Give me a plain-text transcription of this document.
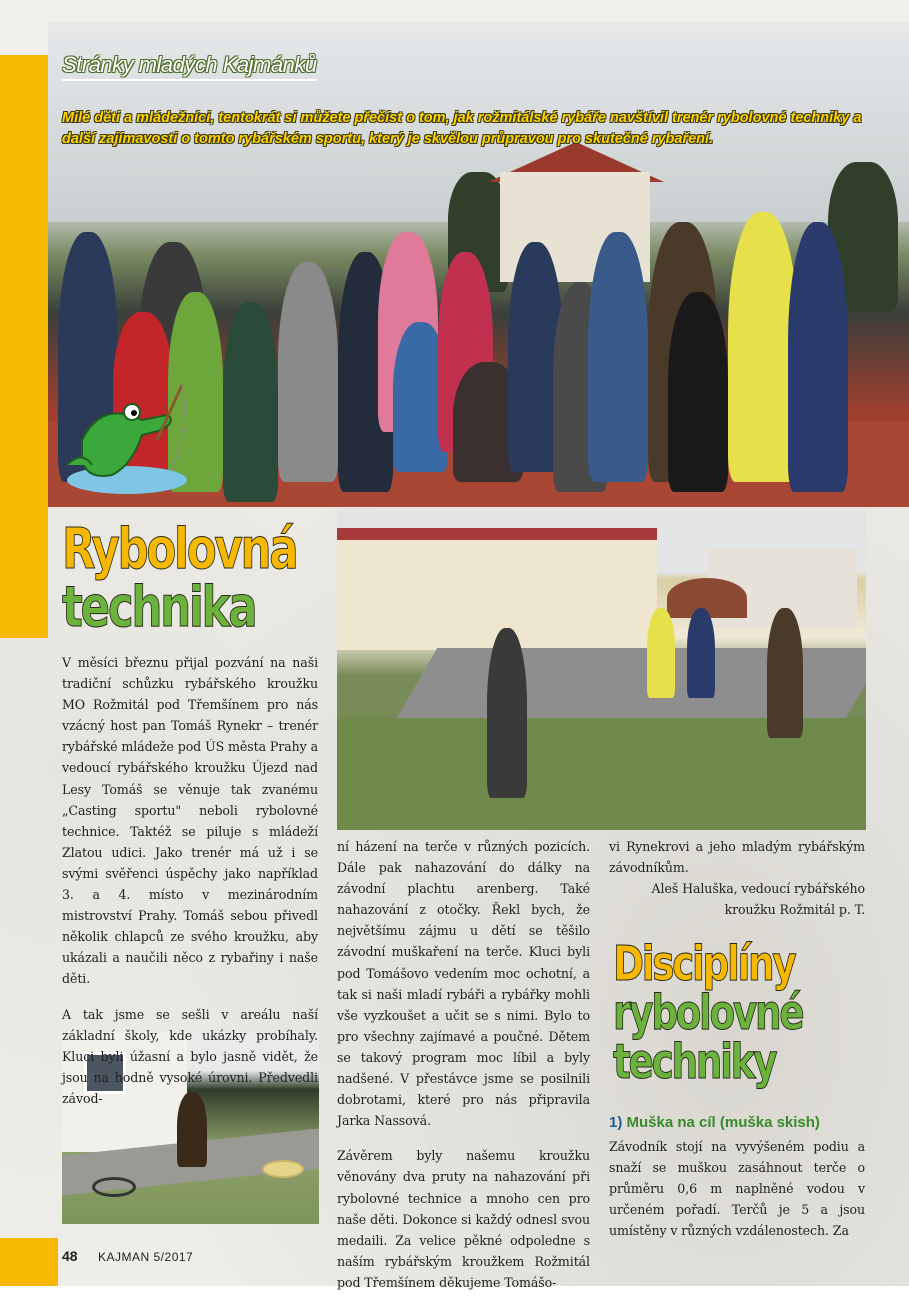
Stránky mladých Kajmánků
Milé děti a mládežníci, tentokrát si můžete přečíst o tom, jak rožmitálské rybáře navštívil trenér rybolovné techniky a další zajímavosti o tomto rybářském sportu, který je skvělou průpravou pro skutečné rybaření.
Rybolovná
technika

V měsíci březnu přijal pozvání na naši tradiční schůzku rybářského kroužku MO Rožmitál pod Třemšínem pro nás vzácný host pan Tomáš Rynekr – trenér rybářské mládeže pod ÚS města Prahy a vedoucí rybářského kroužku Újezd nad Lesy Tomáš se věnuje tak zvanému „Casting sportu" neboli rybolovné technice. Taktéž se piluje s mládeží Zlatou udici. Jako trenér má už i se svými svěřenci úspěchy jako například 3. a 4. místo v mezinárodním mistrovství Prahy. Tomáš sebou přivedl několik chlapců ze svého kroužku, aby ukázali a naučili něco z rybařiny i naše děti.

A tak jsme se sešli v areálu naší základní školy, kde ukázky probíhaly. Kluci byli úžasní a bylo jasně vidět, že jsou na hodně vysoké úrovni. Předvedli závod-

ní házení na terče v různých pozicích. Dále pak nahazování do dálky na závodní plachtu arenberg. Také nahazování z otočky. Řekl bych, že největšímu zájmu u dětí se těšilo závodní muškaření na terče. Kluci byli pod Tomášovo vedením moc ochotní, a tak si naši mladí rybáři a rybářky mohli vše vyzkoušet a učit se s nimi. Bylo to pro všechny zajímavé a poučné. Dětem se takový program moc líbil a byly nadšené. V přestávce jsme se posilnili dobrotami, které pro nás připravila Jarka Nassová.

Závěrem byly našemu kroužku věnovány dva pruty na nahazování při rybolovné technice a mnoho cen pro naše děti. Dokonce si každý odnesl svou medaili. Za velice pěkné odpoledne s naším rybářským kroužkem Rožmitál pod Třemšínem děkujeme Tomášo-

vi Rynekrovi a jeho mladým rybářským závodníkům.

Aleš Haluška, vedoucí rybářského
kroužku Rožmitál p. T.
Disciplíny
rybolovné
techniky
1) Muška na cíl (muška skish)

Závodník stojí na vyvýšeném podiu a snaží se muškou zasáhnout terče o průměru 0,6 m naplněné vodou v určeném pořadí. Terčů je 5 a jsou umístěny v různých vzdálenostech. Za

48 KAJMAN 5/2017
